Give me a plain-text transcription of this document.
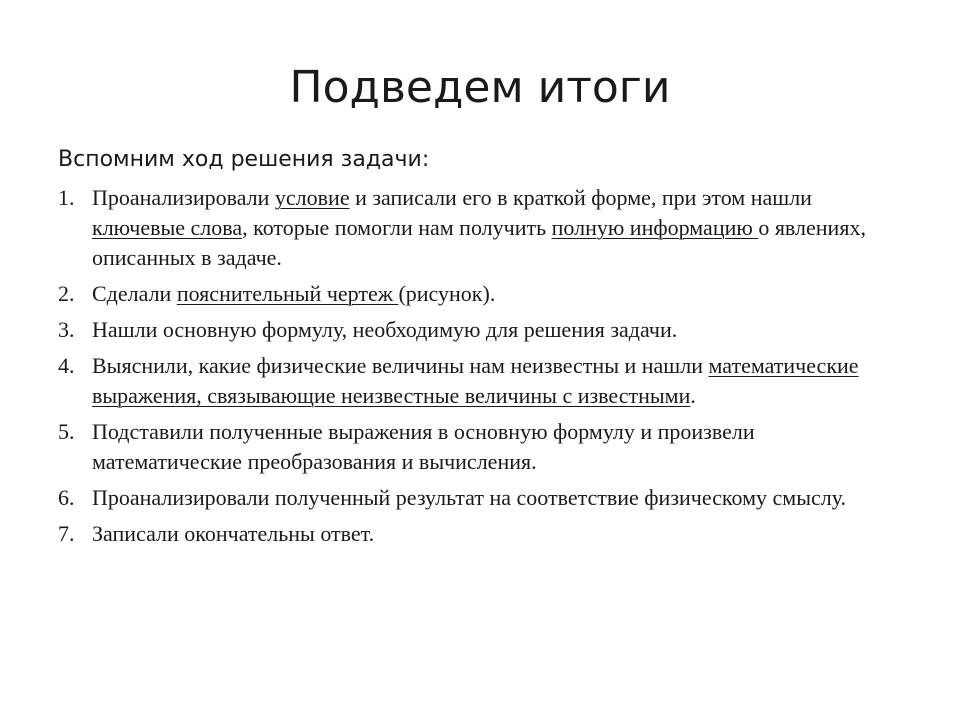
Подведем итоги
Вспомним ход решения задачи:
1. Проанализировали условие и записали его в краткой форме, при этом нашли ключевые слова, которые помогли нам получить полную информацию о явлениях, описанных в задаче.
2. Сделали пояснительный чертеж (рисунок).
3. Нашли основную формулу, необходимую для решения задачи.
4. Выяснили, какие физические величины нам неизвестны и нашли математические выражения, связывающие неизвестные величины с известными.
5. Подставили полученные выражения в основную формулу и произвели математические преобразования и вычисления.
6. Проанализировали полученный результат на соответствие физическому смыслу.
7. Записали окончательны ответ.
